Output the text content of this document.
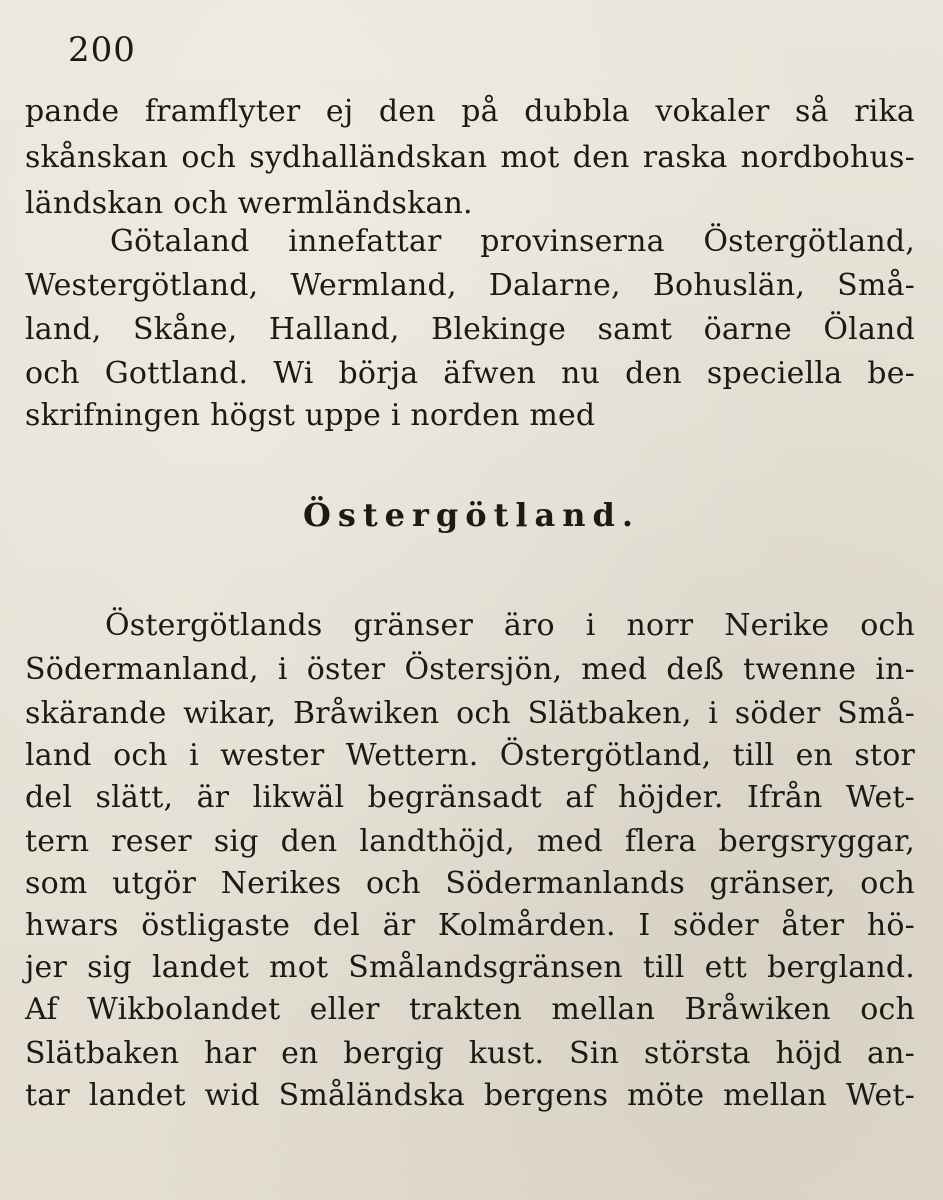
200
pande framflyter ej den på dubbla vokaler så rika
skånskan och sydhalländskan mot den raska nordbohus-
ländskan och wermländskan.
Götaland innefattar provinserna Östergötland,
Westergötland, Wermland, Dalarne, Bohuslän, Små-
land, Skåne, Halland, Blekinge samt öarne Öland
och Gottland. Wi börja äfwen nu den speciella be-
skrifningen högst uppe i norden med
Östergötland.
Östergötlands gränser äro i norr Nerike och
Södermanland, i öster Östersjön, med deß twenne in-
skärande wikar, Bråwiken och Slätbaken, i söder Små-
land och i wester Wettern. Östergötland, till en stor
del slätt, är likwäl begränsadt af höjder. Ifrån Wet-
tern reser sig den landthöjd, med flera bergsryggar,
som utgör Nerikes och Södermanlands gränser, och
hwars östligaste del är Kolmården. I söder åter hö-
jer sig landet mot Smålandsgränsen till ett bergland.
Af Wikbolandet eller trakten mellan Bråwiken och
Slätbaken har en bergig kust. Sin största höjd an-
tar landet wid Småländska bergens möte mellan Wet-
